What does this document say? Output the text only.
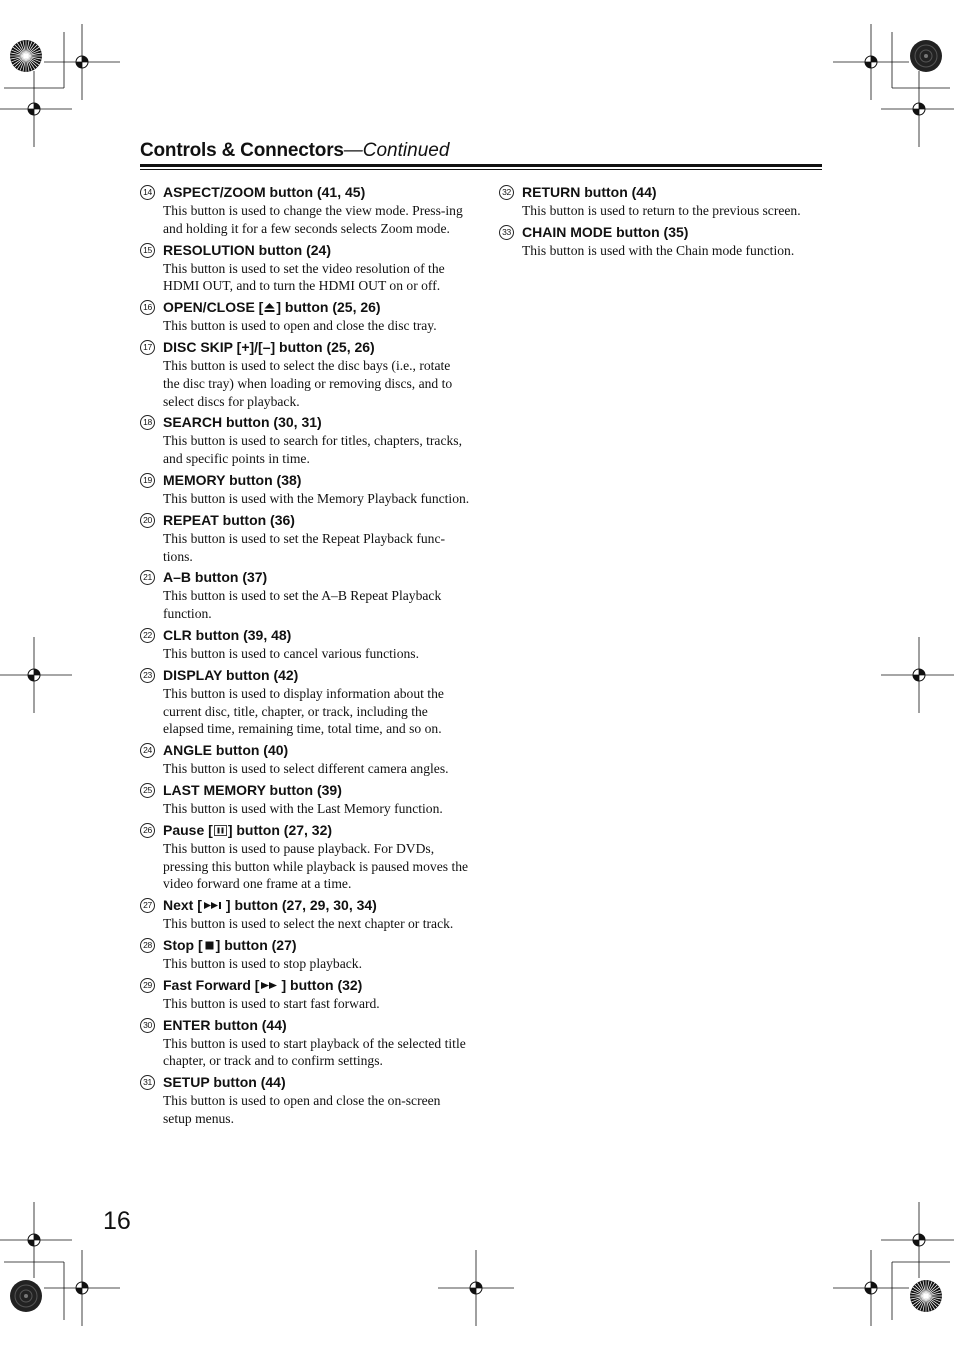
Controls & Connectors—Continued
14 ASPECT/ZOOM button (41, 45)
This button is used to change the view mode. Press-ing and holding it for a few seconds selects Zoom mode.
15 RESOLUTION button (24)
This button is used to set the video resolution of the HDMI OUT, and to turn the HDMI OUT on or off.
16 OPEN/CLOSE [ ] button (25, 26)
This button is used to open and close the disc tray.
17 DISC SKIP [+]/[–] button (25, 26)
This button is used to select the disc bays (i.e., rotate the disc tray) when loading or removing discs, and to select discs for playback.
18 SEARCH button (30, 31)
This button is used to search for titles, chapters, tracks, and specific points in time.
19 MEMORY button (38)
This button is used with the Memory Playback function.
20 REPEAT button (36)
This button is used to set the Repeat Playback func-tions.
21 A–B button (37)
This button is used to set the A–B Repeat Playback function.
22 CLR button (39, 48)
This button is used to cancel various functions.
23 DISPLAY button (42)
This button is used to display information about the current disc, title, chapter, or track, including the elapsed time, remaining time, total time, and so on.
24 ANGLE button (40)
This button is used to select different camera angles.
25 LAST MEMORY button (39)
This button is used with the Last Memory function.
26 Pause [ ] button (27, 32)
This button is used to pause playback. For DVDs, pressing this button while playback is paused moves the video forward one frame at a time.
27 Next [ ] button (27, 29, 30, 34)
This button is used to select the next chapter or track.
28 Stop [ ] button (27)
This button is used to stop playback.
29 Fast Forward [ ] button (32)
This button is used to start fast forward.
30 ENTER button (44)
This button is used to start playback of the selected title chapter, or track and to confirm settings.
31 SETUP button (44)
This button is used to open and close the on-screen setup menus.
32 RETURN button (44)
This button is used to return to the previous screen.
33 CHAIN MODE button (35)
This button is used with the Chain mode function.
16
